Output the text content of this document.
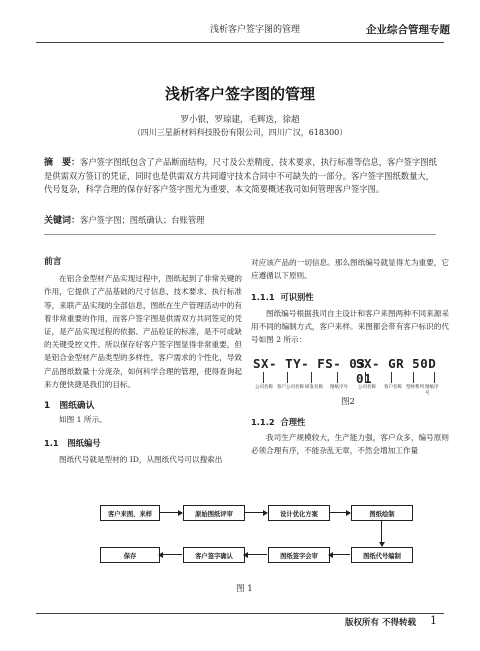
浅析客户签字图的管理	企业综合管理专题
浅析客户签字图的管理
罗小银，罗琼建，毛辉迭，徐超
（四川三星新材料科技股份有限公司，四川广汉，618300）
摘　要：客户签字图纸包含了产品断面结构，尺寸及公差精度，技术要求，执行标准等信息，客户签字图纸是供需双方签订的凭证，同时也是供需双方共同遵守技术合同中不可缺失的一部分。客户签字图纸数量大，代号复杂，科学合理的保存好客户签字图尤为重要，本文简要概述我司如何管理客户签字图。
关键词：客户签字图；图纸确认；台账管理
前言

在铝合金型材产品实现过程中，图纸起到了非常关键的作用，它提供了产品基础的尺寸信息、技术要求、执行标准等，来联产品实现的全部信息，图纸在生产管理活动中的有着非常重要的作用，而客户签字图是供需双方共同签定的凭证，是产品实现过程的依据、产品验证的标准，是不可或缺的关键受控文件。所以保存好客户签字图显得非常重要，但是铝合金型材产品类型的多样性，客户需求的个性化，导致产品图纸数量十分庞杂，如何科学合理的管理，使得查询起来方便快捷是我们的目标。

1 图纸确认

如图 1 所示。

1.1 图纸编号

图纸代号就是型材的 ID，从图纸代号可以搜索出

对应该产品的一切信息。那么图纸编号就显得尤为重要，它应遵循以下原则。

1.1.1 可识别性

图纸编号根据我司自主设计和客户来图两种不同来源采用不同的编制方式，客户来样。来图都会带有客户标识的代号如图 2 所示：

SX- TY- FS- 03
SX- GR 50D 01
公司名称 客户公司名称 研发名称 图纸序号 公司名称 客户名称 型材系列 图纸序号
图2
1.1.2 合理性

我司生产规模较大，生产能力强，客户众多，编号原则必须合理有序，不能杂乱无章，不然会增加工作量

客户来图、来样	原始图纸评审	设计优化方案	图纸绘制
保存	客户签字确认	图纸签字会审	图纸代号编制
图 1
版权所有 不得转载 1
